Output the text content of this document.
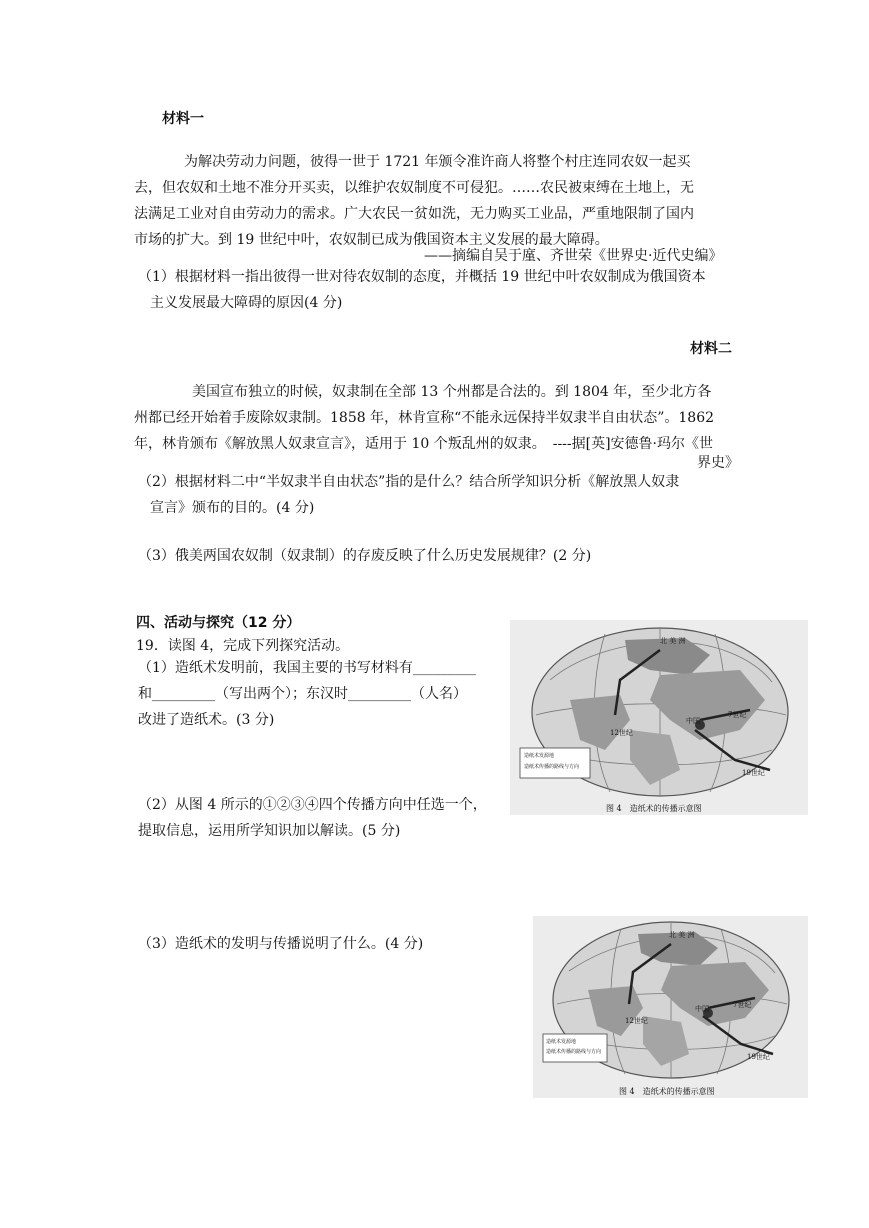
材料一
为解决劳动力问题，彼得一世于 1721 年颁令准许商人将整个村庄连同农奴一起买
去，但农奴和土地不准分开买卖，以维护农奴制度不可侵犯。……农民被束缚在土地上，无
法满足工业对自由劳动力的需求。广大农民一贫如洗，无力购买工业品，严重地限制了国内
市场的扩大。到 19 世纪中叶，农奴制已成为俄国资本主义发展的最大障碍。
——摘编自吴于廑、齐世荣《世界史·近代史编》
（1）根据材料一指出彼得一世对待农奴制的态度，并概括 19 世纪中叶农奴制成为俄国资本
主义发展最大障碍的原因(4 分)
材料二
美国宣布独立的时候，奴隶制在全部 13 个州都是合法的。到 1804 年，至少北方各
州都已经开始着手废除奴隶制。1858 年，林肯宣称“不能永远保持半奴隶半自由状态”。1862
年，林肯颁布《解放黑人奴隶宣言》，适用于 10 个叛乱州的奴隶。　----据[英]安德鲁·玛尔《世
界史》
（2）根据材料二中“半奴隶半自由状态”指的是什么？结合所学知识分析《解放黑人奴隶
宣言》颁布的目的。(4 分)
（3）俄美两国农奴制（奴隶制）的存废反映了什么历史发展规律？(2 分)
四、活动与探究（12 分）
19．读图 4，完成下列探究活动。
（1）造纸术发明前，我国主要的书写材料有_________
和_________（写出两个）；东汉时_________（人名）
改进了造纸术。(3 分)
（2）从图 4 所示的①②③④四个传播方向中任选一个，
提取信息，运用所学知识加以解读。(5 分)
（3）造纸术的发明与传播说明了什么。(4 分)
北 美 洲
12世纪
7世纪
19世纪
中国
造纸术发源地
造纸术传播的路线与方向
图 4　造纸术的传播示意图
北 美 洲
12世纪
7世纪
19世纪
中国
造纸术发源地
造纸术传播的路线与方向
图 4　造纸术的传播示意图
